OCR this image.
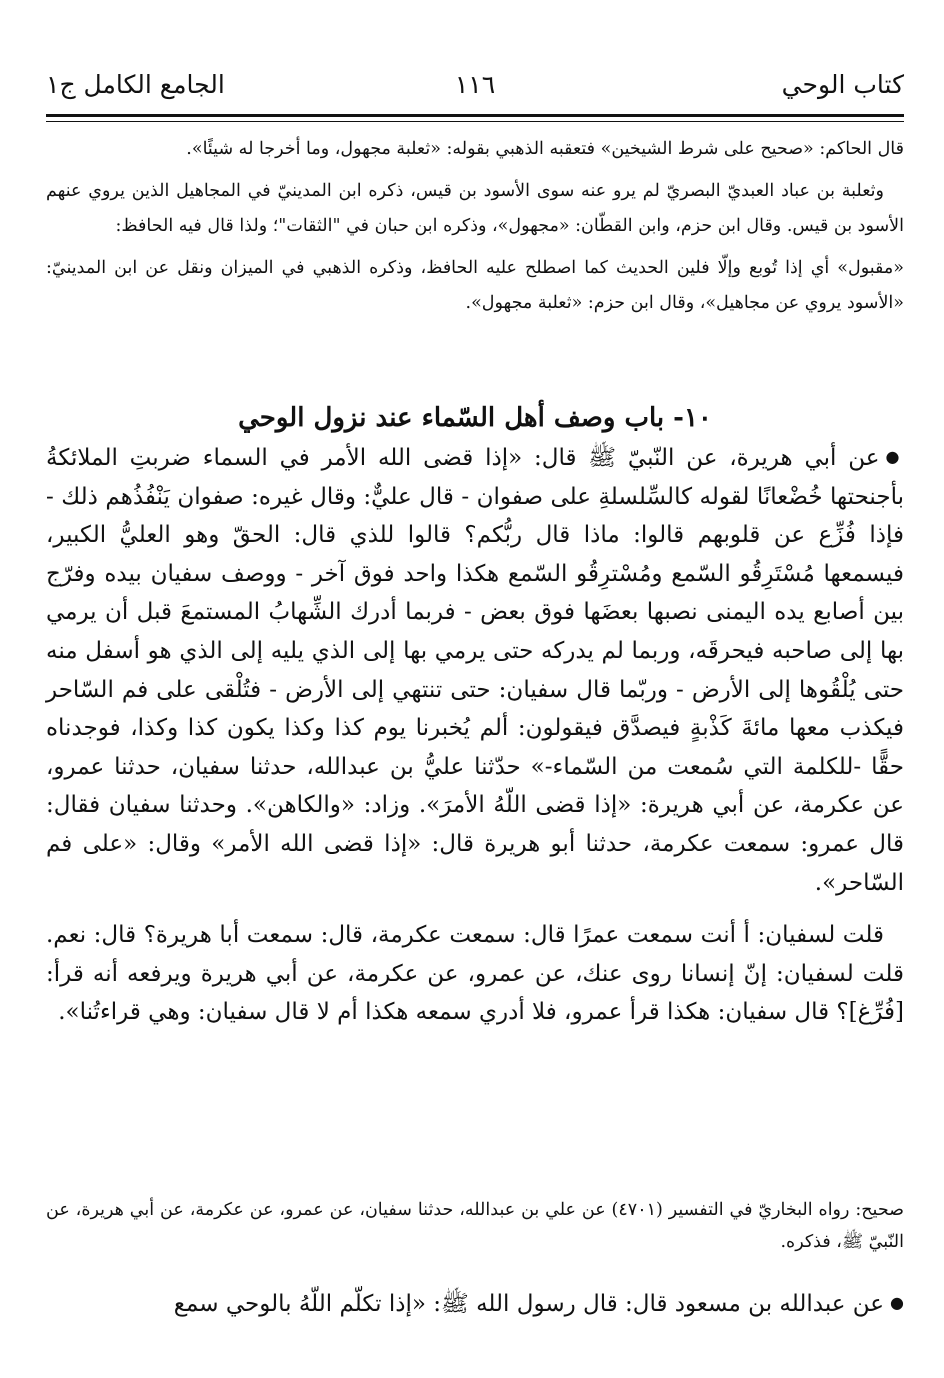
كتاب الوحي
١١٦
الجامع الكامل ج١

قال الحاكم: «صحيح على شرط الشيخين» فتعقبه الذهبي بقوله: «ثعلبة مجهول، وما أخرجا له شيئًا».

وثعلبة بن عباد العبديّ البصريّ لم يرو عنه سوى الأسود بن قيس، ذكره ابن المدينيّ في المجاهيل الذين يروي عنهم الأسود بن قيس. وقال ابن حزم، وابن القطّان: «مجهول»، وذكره ابن حبان في "الثقات"؛ ولذا قال فيه الحافظ:

«مقبول» أي إذا تُوبع وإلّا فلين الحديث كما اصطلح عليه الحافظ، وذكره الذهبي في الميزان ونقل عن ابن المدينيّ: «الأسود يروي عن مجاهيل»، وقال ابن حزم: «ثعلبة مجهول».

١٠- باب وصف أهل السّماء عند نزول الوحي

●عن أبي هريرة، عن النّبيّ ﷺ قال: «إذا قضى الله الأمر في السماء ضربتِ الملائكةُ بأجنحتها خُضْعانًا لقوله كالسِّلسلةِ على صفوان - قال عليٌّ: وقال غيره: صفوان يَنْفُذُهم ذلك - فإذا فُزِّع عن قلوبهم قالوا: ماذا قال ربُّكم؟ قالوا للذي قال: الحقّ وهو العليُّ الكبير، فيسمعها مُسْتَرِقُو السّمع ومُسْترِقُو السّمع هكذا واحد فوق آخر - ووصف سفيان بيده وفرّج بين أصابع يده اليمنى نصبها بعضَها فوق بعض - فربما أدرك الشِّهابُ المستمعَ قبل أن يرمي بها إلى صاحبه فيحرقَه، وربما لم يدركه حتى يرمي بها إلى الذي يليه إلى الذي هو أسفل منه حتى يُلْقُوها إلى الأرض - وربّما قال سفيان: حتى تنتهي إلى الأرض - فتُلْقى على فم السّاحر فيكذب معها مائةَ كَذْبةٍ فيصدَّق فيقولون: ألم يُخبرنا يوم كذا وكذا يكون كذا وكذا، فوجدناه حقًّا -للكلمة التي سُمعت من السّماء-» حدّثنا عليُّ بن عبدالله، حدثنا سفيان، حدثنا عمرو، عن عكرمة، عن أبي هريرة: «إذا قضى اللّهُ الأمرَ». وزاد: «والكاهن». وحدثنا سفيان فقال: قال عمرو: سمعت عكرمة، حدثنا أبو هريرة قال: «إذا قضى الله الأمر» وقال: «على فم السّاحر».

قلت لسفيان: أ أنت سمعت عمرًا قال: سمعت عكرمة، قال: سمعت أبا هريرة؟ قال: نعم. قلت لسفيان: إنّ إنسانا روى عنك، عن عمرو، عن عكرمة، عن أبي هريرة ويرفعه أنه قرأ: [فُرِّغ]؟ قال سفيان: هكذا قرأ عمرو، فلا أدري سمعه هكذا أم لا قال سفيان: وهي قراءتُنا».

صحيح: رواه البخاريّ في التفسير (٤٧٠١) عن علي بن عبدالله، حدثنا سفيان، عن عمرو، عن عكرمة، عن أبي هريرة، عن النّبيّ ﷺ، فذكره.
●عن عبدالله بن مسعود قال: قال رسول الله ﷺ: «إذا تكلّم اللّهُ بالوحي سمع
